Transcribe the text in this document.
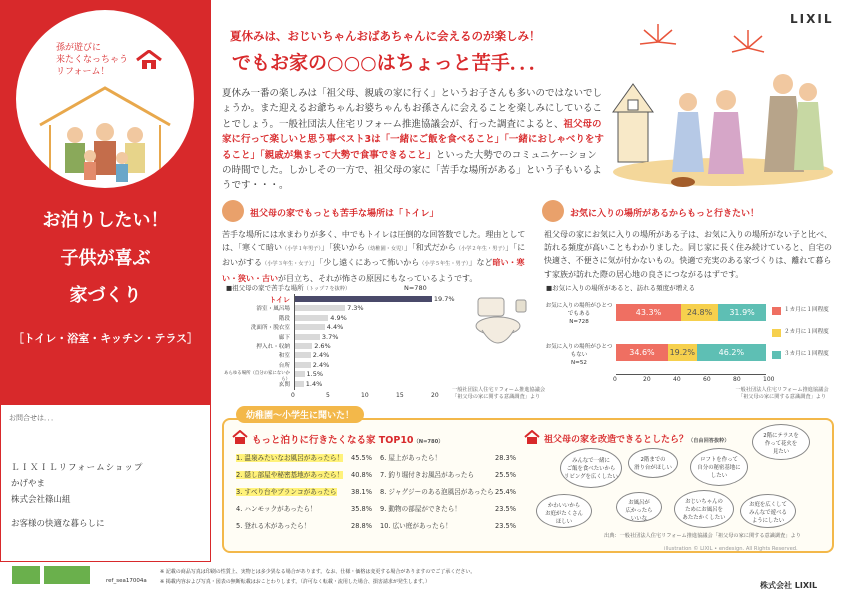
孫が遊びに
来たくなっちゃう
リフォーム！
お泊りしたい！
子供が喜ぶ
家づくり
［トイレ・浴室・キッチン・テラス］
お問合せは．．．
ＬＩＸＩＬリフォームショップ
かげやま
株式会社篠山組
お客様の快適な暮らしに
LIXIL
夏休みは、おじいちゃんおばあちゃんに会えるのが楽しみ！
でもお家の○○○はちょっと苦手．．．
夏休み一番の楽しみは「祖父母、親戚の家に行く」というお子さんも多いのではないでしょうか。また迎えるお爺ちゃんお婆ちゃんもお孫さんに会えることを楽しみにしていることでしょう。一般社団法人住宅リフォーム推進協議会が、行った調査によると、祖父母の家に行って楽しいと思う事ベスト3は「一緒にご飯を食べること」「一緒におしゃべりをすること」「親戚が集まって大勢で食事できること」といった大勢でのコミュニケーションの時間でした。しかしその一方で、祖父母の家に「苦手な場所がある」という子もいるようです・・・。
祖父母の家でもっとも苦手な場所は「トイレ」
苦手な場所には水まわりが多く、中でもトイレは圧倒的な回答数でした。理由としては、「寒くて暗い（小学１年男子）」「狭いから（幼稚園・女児）」「和式だから（小学２年生・男子）」「においがする（小学３年生・女子）」「少し遠くにあって怖いから（小学５年生・男子）」など暗い・寒い・狭い・古いが目立ち、それが怖さの原因にもなっているようです。
■祖父母の家で苦手な場所（トップ７を抜粋）	N=780
トイレ	19.7%
浴室・風呂場	7.3%
階段	4.9%
洗面所・脱衣室	4.4%
廊下	3.7%
押入れ・収納	2.6%
和室	2.4%
台所	2.4%
あらゆる場所（自分の家にないから）
1.5%
玄関 1.4%
0	5	10	15	20
一般社団法人住宅リフォーム推進協議会
「祖父母の家に関する意識調査」より
お気に入りの場所があるからもっと行きたい！
祖父母の家にお気に入りの場所がある子は、お気に入りの場所がない子と比べ、訪れる頻度が高いこともわかりました。同じ家に長く住み続けていると、自宅の快適さ、不便さに気が付かないもの。快適で充実のある家づくりは、離れて暮らす家族が訪れた際の居心地の良さにつながるはずです。
■お気に入りの場所があると、訪れる頻度が増える
お気に入りの場所がひとつでもある
N=728
お気に入りの場所がひとつもない
N=52
43.3%	24.8%	31.9%
34.6%	19.2%	46.2%
0	20	40	60	80	100
１カ月に１回程度
２カ月に１回程度
３カ月に１回程度
一般社団法人住宅リフォーム推進協議会
「祖父母の家に関する意識調査」より
幼稚園～小学生に聞いた！
もっと泊りに行きたくなる家 TOP10（N=780）
1. 温泉みたいなお風呂があったら！ 45.5%
2. 隠し部屋や秘密基地があったら！ 40.8%
3. すべり台やブランコがあったら 38.1%
4. ハンモックがあったら！	35.8%
5. 登れる木があったら！	28.8%
6. 屋上があったら！	28.3%
7. 釣り堀付きお風呂があったら	25.5%
8. ジャグジーのある泡風呂があったら 25.4%
9. 動物の部屋ができたら！	23.5%
10. 広い庭があったら！	23.5%
祖父母の家を改造できるとしたら？（自由回答抜粋）
みんなで一緒に
ご飯を食べたいから
リビングを広くしたい
2階までの
滑り台がほしい
ロフトを作って
自分の秘密基地に
したい
2階にテラスを
作って花火を
見たい
かわいいから
お庭がたくさん
ほしい
お風呂が
広かったら
いいな
おじいちゃんの
ためにお風呂を
あたたかくしたい
お庭を広くして
みんなで遊べる
ようにしたい
出典：一般社団法人住宅リフォーム推進協議会「祖父母の家に関する意識調査」より
illustration © LIXIL • endesign. All Rights Reserved.
ref_sea17004a
※ 記載の商品写真は印刷の性質上、実物とは多少異なる場合があります。なお、仕様・価格は変更する場合がありますのでご了承ください。
※ 掲載内容および写真・図表の無断転載はおことわりします。（許可なく転載・流用した場合、損害請求が発生します。）	株式会社 LIXIL
